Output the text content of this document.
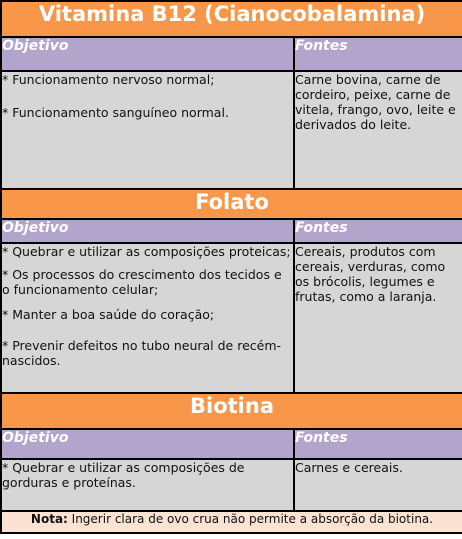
Vitamina B12 (Cianocobalamina)	
Objetivo	Fontes

* Funcionamento nervoso normal;

* Funcionamento sanguíneo normal.	Carne bovina, carne de cordeiro, peixe, carne de vitela, frango, ovo, leite e derivados do leite.
Folato	
Objetivo	Fontes

* Quebrar e utilizar as composições proteicas;

* Os processos do crescimento dos tecidos e o funcionamento celular;

* Manter a boa saúde do coração;

* Prevenir defeitos no tubo neural de recém-nascidos.	Cereais, produtos com cereais, verduras, como os brócolis, legumes e frutas, como a laranja.
Biotina	
Objetivo	Fontes

* Quebrar e utilizar as composições de gorduras e proteínas.	Carnes e cereais.
Nota: Ingerir clara de ovo crua não permite a absorção da biotina.	
